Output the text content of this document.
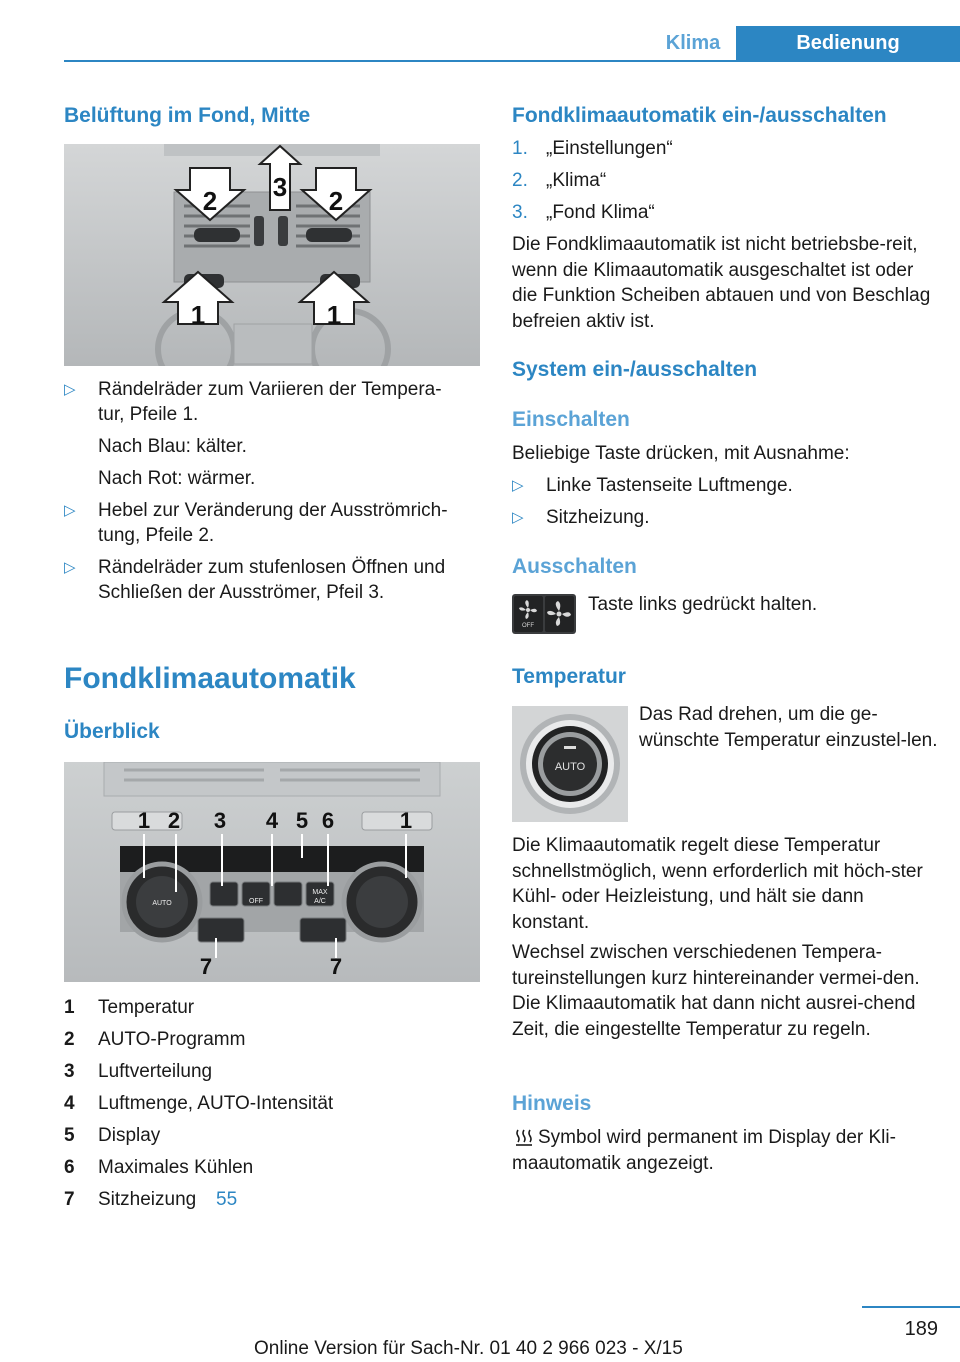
Klima	Bedienung
Belüftung im Fond, Mitte
2	2
3
1	1
▷ Rändelräder zum Variieren der Tempera-
tur, Pfeile 1.
Nach Blau: kälter.
Nach Rot: wärmer.
▷ Hebel zur Veränderung der Ausströmrich-
tung, Pfeile 2.
▷ Rändelräder zum stufenlosen Öffnen und
Schließen der Ausströmer, Pfeil 3.
Fondklimaautomatik
Überblick
AUTO	OFF
MAX
A/C
1 2 3 4 5 6	1
7	7
1 Temperatur
2 AUTO-Programm
3 Luftverteilung
4 Luftmenge, AUTO-Intensität
5 Display
6 Maximales Kühlen
7 Sitzheizung 55
Fondklimaautomatik ein-/ausschalten
1. „Einstellungen“
2. „Klima“
3. „Fond Klima“

Die Fondklimaautomatik ist nicht betriebsbe-reit, wenn die Klimaautomatik ausgeschaltet ist oder die Funktion Scheiben abtauen und von Beschlag befreien aktiv ist.

System ein-/ausschalten
Einschalten
Beliebige Taste drücken, mit Ausnahme:
▷ Linke Tastenseite Luftmenge.
▷ Sitzheizung.
Ausschalten
OFF
Taste links gedrückt halten.
Temperatur
AUTO

Das Rad drehen, um die ge-wünschte Temperatur einzustel-len.

Die Klimaautomatik regelt diese Temperatur schnellstmöglich, wenn erforderlich mit höch-ster Kühl- oder Heizleistung, und hält sie dann konstant.

Wechsel zwischen verschiedenen Tempera-tureinstellungen kurz hintereinander vermei-den. Die Klimaautomatik hat dann nicht ausrei-chend Zeit, die eingestellte Temperatur zu regeln.

Hinweis

Symbol wird permanent im Display der Kli-maautomatik angezeigt.

189
Online Version für Sach-Nr. 01 40 2 966 023 - X/15
